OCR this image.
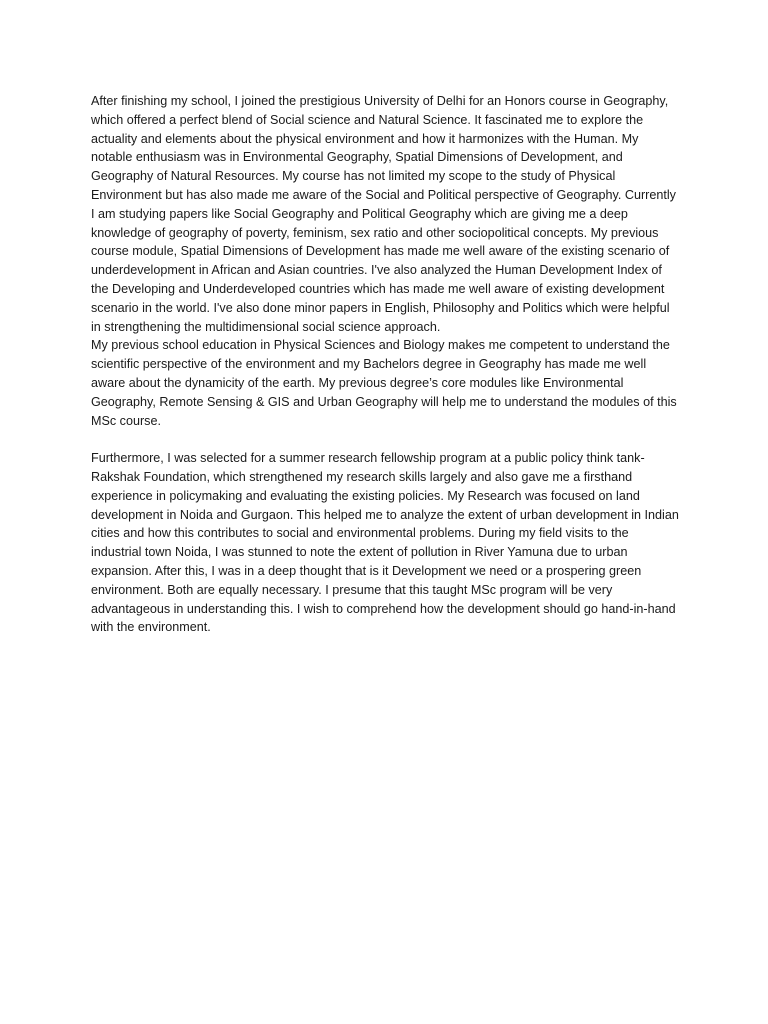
After finishing my school, I joined the prestigious University of Delhi for an Honors course in Geography, which offered a perfect blend of Social science and Natural Science. It fascinated me to explore the actuality and elements about the physical environment and how it harmonizes with the Human. My notable enthusiasm was in Environmental Geography, Spatial Dimensions of Development, and Geography of Natural Resources. My course has not limited my scope to the study of Physical Environment but has also made me aware of the Social and Political perspective of Geography. Currently I am studying papers like Social Geography and Political Geography which are giving me a deep knowledge of geography of poverty, feminism, sex ratio and other sociopolitical concepts. My previous course module, Spatial Dimensions of Development has made me well aware of the existing scenario of underdevelopment in African and Asian countries. I've also analyzed the Human Development Index of the Developing and Underdeveloped countries which has made me well aware of existing development scenario in the world. I've also done minor papers in English, Philosophy and Politics which were helpful in strengthening the multidimensional social science approach.

My previous school education in Physical Sciences and Biology makes me competent to understand the scientific perspective of the environment and my Bachelors degree in Geography has made me well aware about the dynamicity of the earth. My previous degree’s core modules like Environmental Geography, Remote Sensing & GIS and Urban Geography will help me to understand the modules of this MSc course.

Furthermore, I was selected for a summer research fellowship program at a public policy think tank- Rakshak Foundation, which strengthened my research skills largely and also gave me a firsthand experience in policymaking and evaluating the existing policies. My Research was focused on land development in Noida and Gurgaon. This helped me to analyze the extent of urban development in Indian cities and how this contributes to social and environmental problems. During my field visits to the industrial town Noida, I was stunned to note the extent of pollution in River Yamuna due to urban expansion. After this, I was in a deep thought that is it Development we need or a prospering green environment. Both are equally necessary. I presume that this taught MSc program will be very advantageous in understanding this. I wish to comprehend how the development should go hand-in-hand with the environment.
